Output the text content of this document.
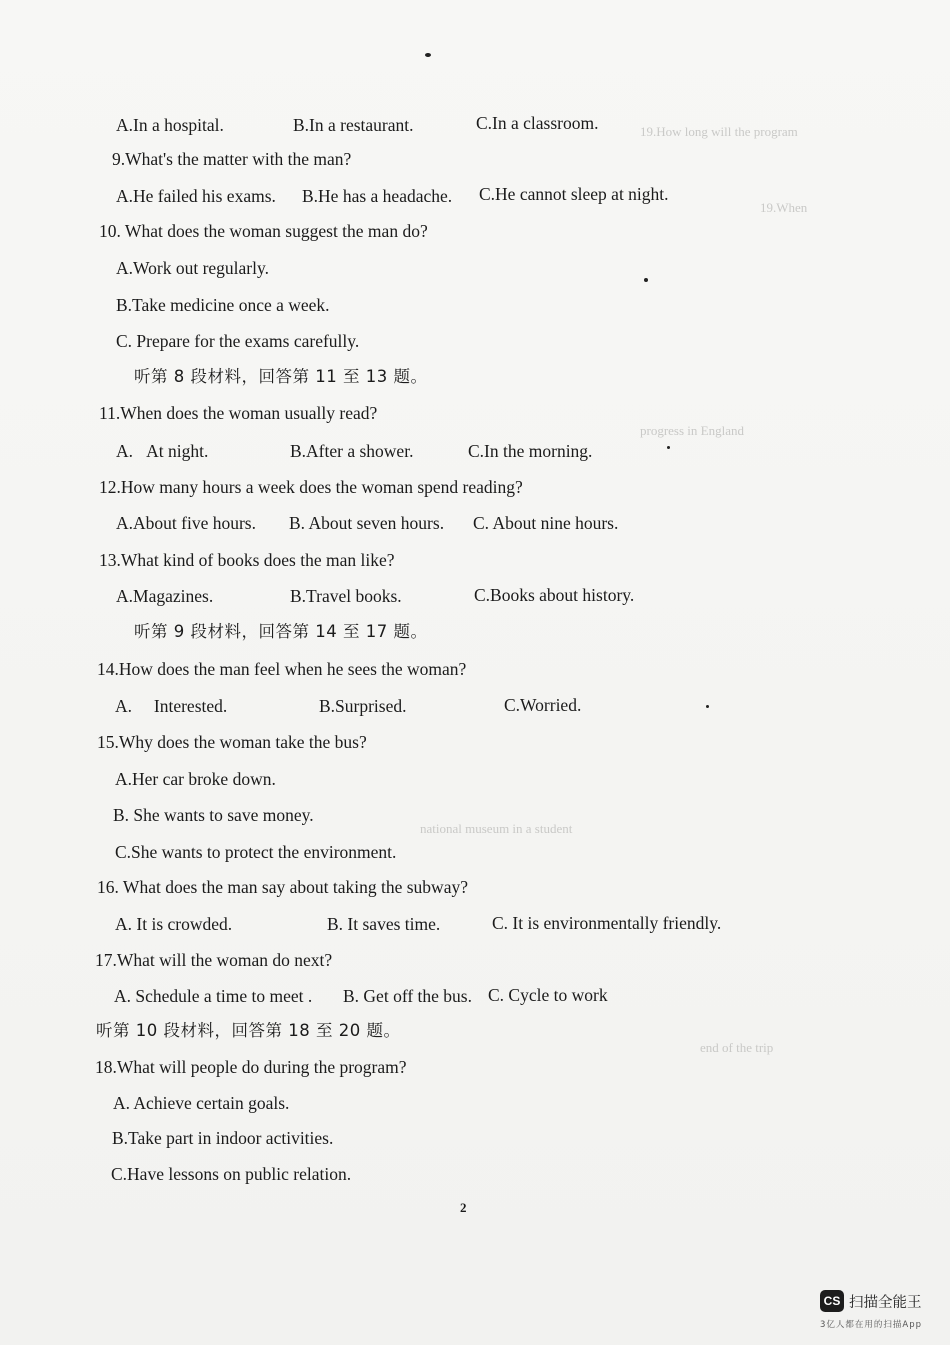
19.How long will the program
19.When
progress in England
national museum in a student
end of the trip
A.In a hospital.	B.In a restaurant.	C.In a classroom.
9.What's the matter with the man?
A.He failed his exams. B.He has a headache. C.He cannot sleep at night.
10. What does the woman suggest the man do?
A.Work out regularly.
B.Take medicine once a week.
C. Prepare for the exams carefully.
听第 8 段材料，回答第 11 至 13 题。
11.When does the woman usually read?
A.   At night.	B.After a shower.	C.In the morning.
12.How many hours a week does the woman spend reading?
A.About five hours. B. About seven hours. C. About nine hours.
13.What kind of books does the man like?
A.Magazines.	B.Travel books.	C.Books about history.
听第 9 段材料，回答第 14 至 17 题。
14.How does the man feel when he sees the woman?
A.     Interested.	B.Surprised.	C.Worried.
15.Why does the woman take the bus?
A.Her car broke down.
B. She wants to save money.
C.She wants to protect the environment.
16. What does the man say about taking the subway?
A. It is crowded.	B. It saves time.	C. It is environmentally friendly.
17.What will the woman do next?
A. Schedule a time to meet . B. Get off the bus. C. Cycle to work
听第 10 段材料，回答第 18 至 20 题。
18.What will people do during the program?
A. Achieve certain goals.
B.Take part in indoor activities.
C.Have lessons on public relation.
2
CS 扫描全能王
3亿人都在用的扫描App
